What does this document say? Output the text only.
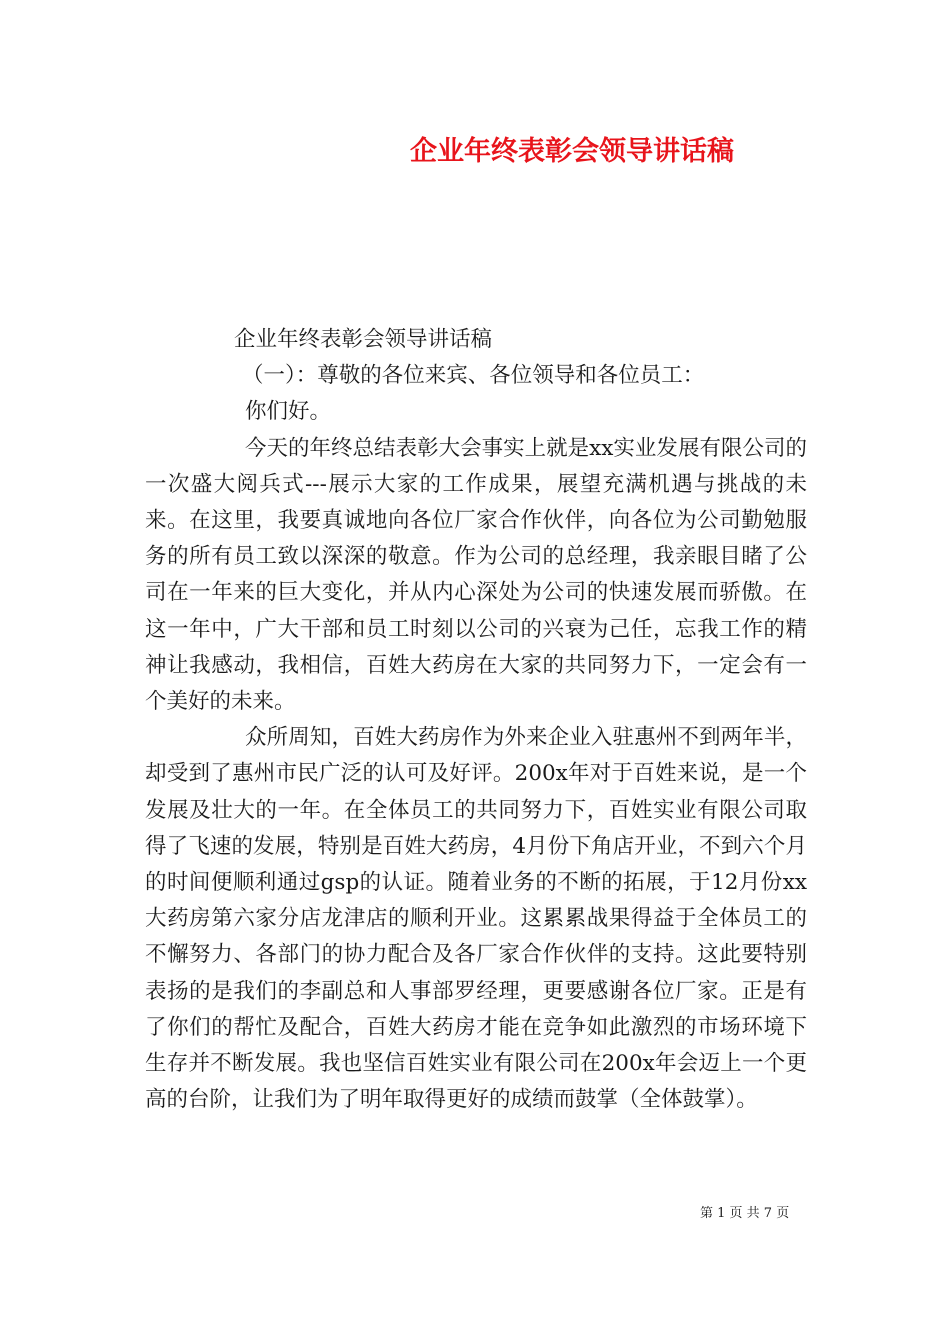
企业年终表彰会领导讲话稿

企业年终表彰会领导讲话稿

（一）：尊敬的各位来宾、各位领导和各位员工：

你们好。

今天的年终总结表彰大会事实上就是xx实业发展有限公司的一次盛大阅兵式---展示大家的工作成果，展望充满机遇与挑战的未来。在这里，我要真诚地向各位厂家合作伙伴，向各位为公司勤勉服务的所有员工致以深深的敬意。作为公司的总经理，我亲眼目睹了公司在一年来的巨大变化，并从内心深处为公司的快速发展而骄傲。在这一年中，广大干部和员工时刻以公司的兴衰为己任，忘我工作的精神让我感动，我相信，百姓大药房在大家的共同努力下，一定会有一个美好的未来。

众所周知，百姓大药房作为外来企业入驻惠州不到两年半，却受到了惠州市民广泛的认可及好评。200x年对于百姓来说，是一个发展及壮大的一年。在全体员工的共同努力下，百姓实业有限公司取得了飞速的发展，特别是百姓大药房，4月份下角店开业，不到六个月的时间便顺利通过gsp的认证。随着业务的不断的拓展，于12月份xx大药房第六家分店龙津店的顺利开业。这累累战果得益于全体员工的不懈努力、各部门的协力配合及各厂家合作伙伴的支持。这此要特别表扬的是我们的李副总和人事部罗经理，更要感谢各位厂家。正是有了你们的帮忙及配合，百姓大药房才能在竞争如此激烈的市场环境下生存并不断发展。我也坚信百姓实业有限公司在200x年会迈上一个更高的台阶，让我们为了明年取得更好的成绩而鼓掌（全体鼓掌）。

第 1 页 共 7 页
